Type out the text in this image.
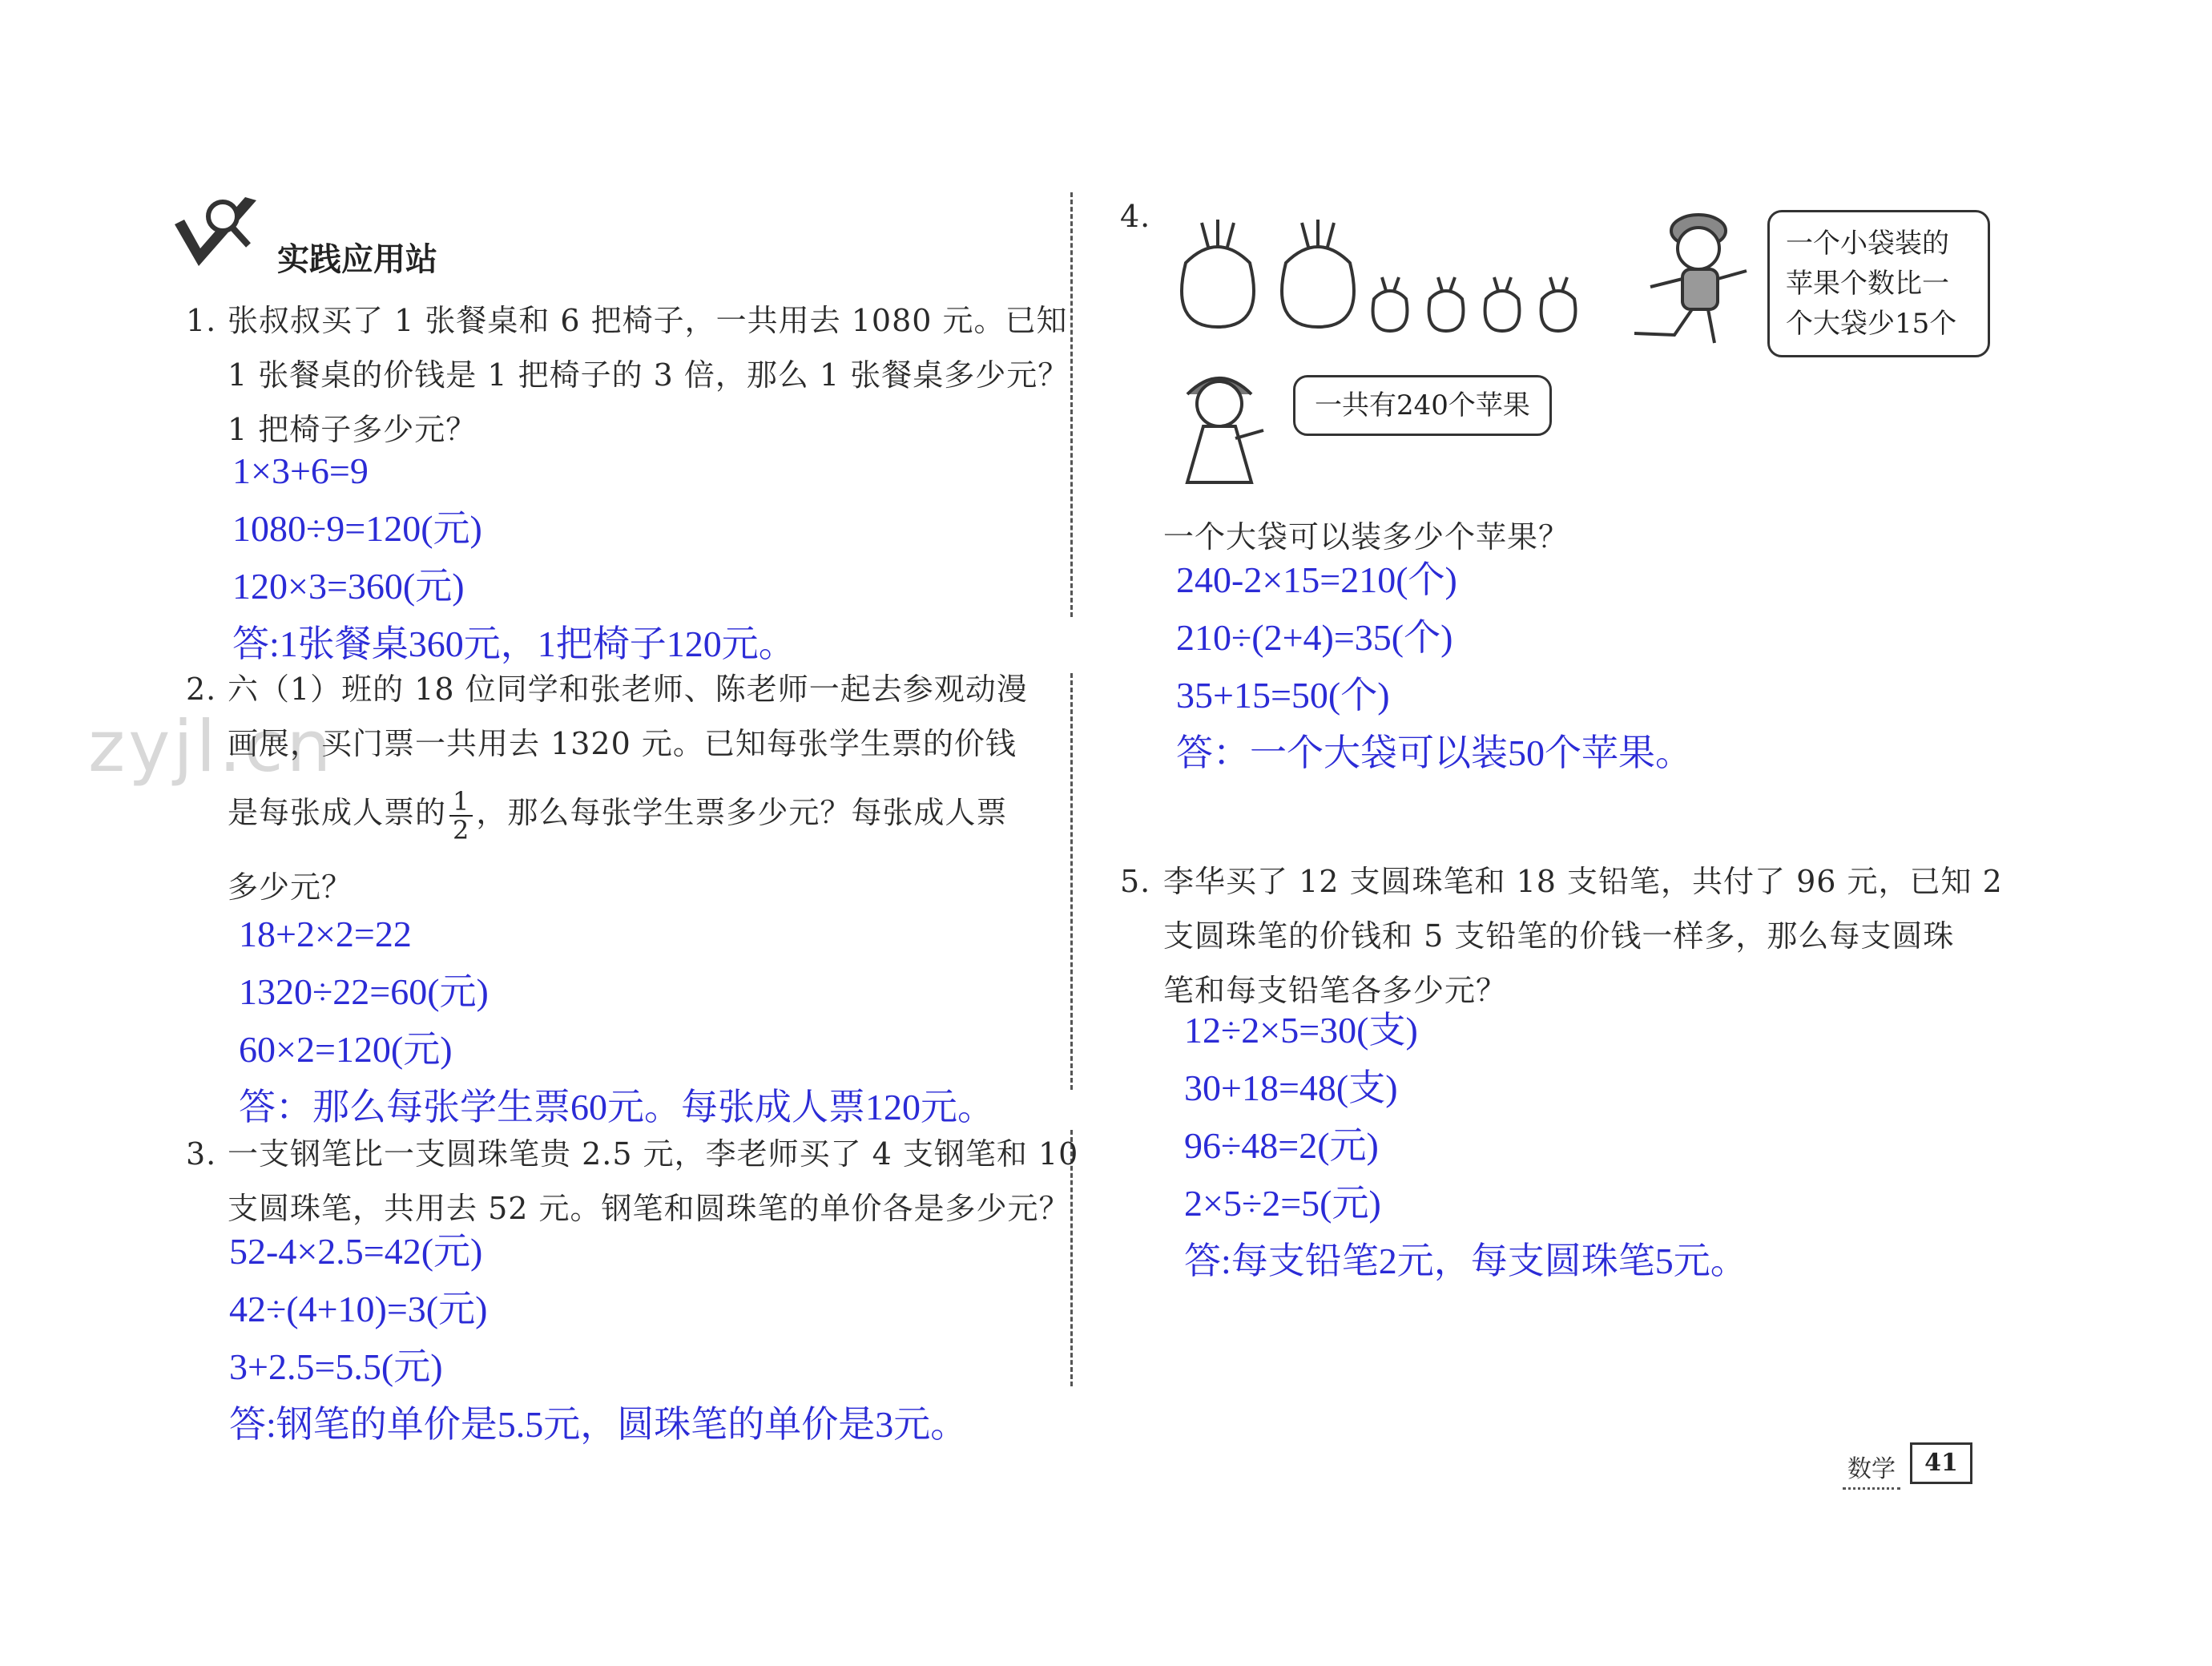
实践应用站
zyjl.cn
1. 张叔叔买了 1 张餐桌和 6 把椅子，一共用去 1080 元。已知
1 张餐桌的价钱是 1 把椅子的 3 倍，那么 1 张餐桌多少元？
1 把椅子多少元？
1×3+6=9
1080÷9=120(元)
120×3=360(元)
答:1张餐桌360元，1把椅子120元。
2. 六（1）班的 18 位同学和张老师、陈老师一起去参观动漫
画展，买门票一共用去 1320 元。已知每张学生票的价钱
是每张成人票的 $\frac{1}{2}$ ，那么每张学生票多少元？每张成人票
多少元？
18+2×2=22
1320÷22=60(元)
60×2=120(元)
答：那么每张学生票60元。每张成人票120元。
3. 一支钢笔比一支圆珠笔贵 2.5 元，李老师买了 4 支钢笔和 10
支圆珠笔，共用去 52 元。钢笔和圆珠笔的单价各是多少元？
52-4×2.5=42(元)
42÷(4+10)=3(元)
3+2.5=5.5(元)
答:钢笔的单价是5.5元，圆珠笔的单价是3元。
4.
一个小袋装的
苹果个数比一
个大袋少15个
一共有240个苹果
一个大袋可以装多少个苹果？
240-2×15=210(个)
210÷(2+4)=35(个)
35+15=50(个)
答：一个大袋可以装50个苹果。
5. 李华买了 12 支圆珠笔和 18 支铅笔，共付了 96 元，已知 2
支圆珠笔的价钱和 5 支铅笔的价钱一样多，那么每支圆珠
笔和每支铅笔各多少元？
12÷2×5=30(支)
30+18=48(支)
96÷48=2(元)
2×5÷2=5(元)
答:每支铅笔2元，每支圆珠笔5元。
数学	41
